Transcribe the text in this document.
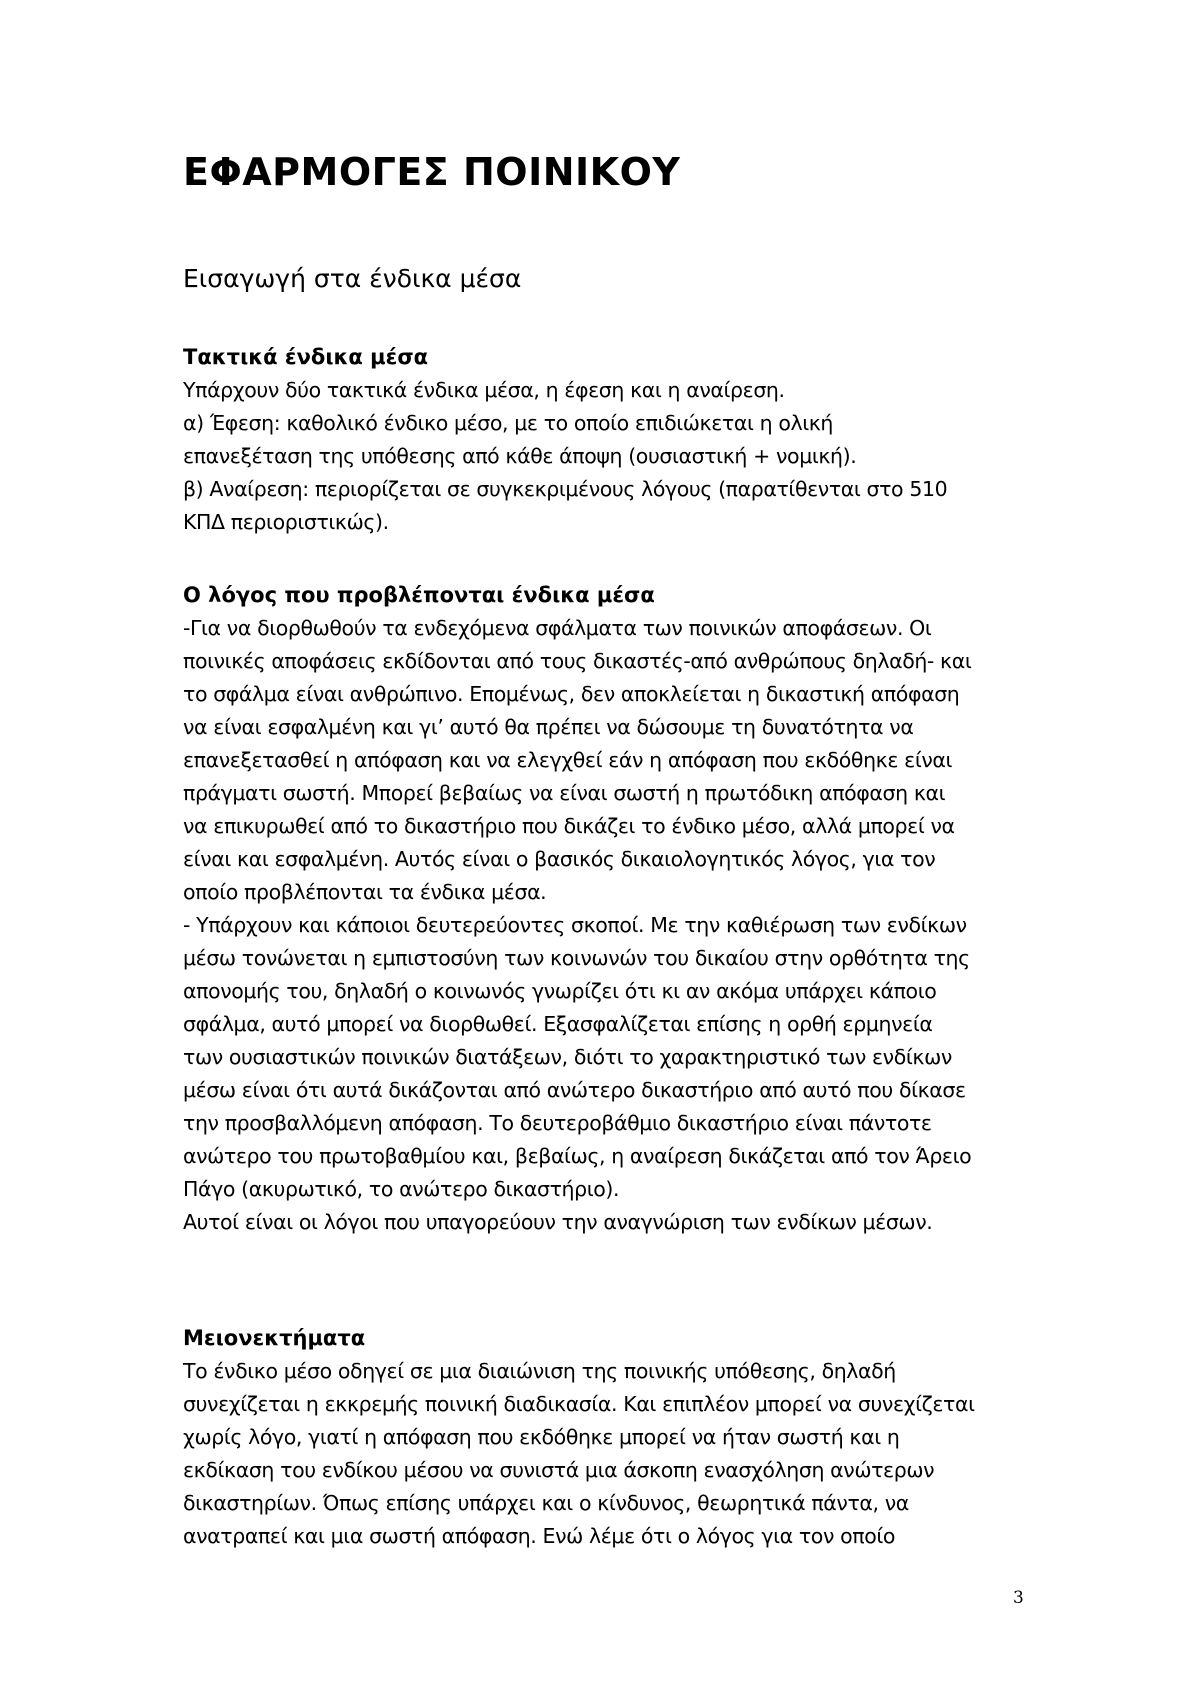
ΕΦΑΡΜΟΓΕΣ ΠΟΙΝΙΚΟΥ
Εισαγωγή στα ένδικα μέσα
Τακτικά ένδικα μέσα
Υπάρχουν δύο τακτικά ένδικα μέσα, η έφεση και η αναίρεση.
α) Έφεση: καθολικό ένδικο μέσο, με το οποίο επιδιώκεται η ολική
επανεξέταση της υπόθεσης από κάθε άποψη (ουσιαστική + νομική).
β) Αναίρεση: περιορίζεται σε συγκεκριμένους λόγους (παρατίθενται στο 510
ΚΠΔ περιοριστικώς).
Ο λόγος που προβλέπονται ένδικα μέσα
-Για να διορθωθούν τα ενδεχόμενα σφάλματα των ποινικών αποφάσεων. Οι
ποινικές αποφάσεις εκδίδονται από τους δικαστές-από ανθρώπους δηλαδή- και
το σφάλμα είναι ανθρώπινο. Επομένως, δεν αποκλείεται η δικαστική απόφαση
να είναι εσφαλμένη και γι’ αυτό θα πρέπει να δώσουμε τη δυνατότητα να
επανεξετασθεί η απόφαση και να ελεγχθεί εάν η απόφαση που εκδόθηκε είναι
πράγματι σωστή. Μπορεί βεβαίως να είναι σωστή η πρωτόδικη απόφαση και
να επικυρωθεί από το δικαστήριο που δικάζει το ένδικο μέσο, αλλά μπορεί να
είναι και εσφαλμένη. Αυτός είναι ο βασικός δικαιολογητικός λόγος, για τον
οποίο προβλέπονται τα ένδικα μέσα.
- Υπάρχουν και κάποιοι δευτερεύοντες σκοποί. Με την καθιέρωση των ενδίκων
μέσω τονώνεται η εμπιστοσύνη των κοινωνών του δικαίου στην ορθότητα της
απονομής του, δηλαδή ο κοινωνός γνωρίζει ότι κι αν ακόμα υπάρχει κάποιο
σφάλμα, αυτό μπορεί να διορθωθεί. Εξασφαλίζεται επίσης η ορθή ερμηνεία
των ουσιαστικών ποινικών διατάξεων, διότι το χαρακτηριστικό των ενδίκων
μέσω είναι ότι αυτά δικάζονται από ανώτερο δικαστήριο από αυτό που δίκασε
την προσβαλλόμενη απόφαση. Το δευτεροβάθμιο δικαστήριο είναι πάντοτε
ανώτερο του πρωτοβαθμίου και, βεβαίως, η αναίρεση δικάζεται από τον Άρειο
Πάγο (ακυρωτικό, το ανώτερο δικαστήριο).
Αυτοί είναι οι λόγοι που υπαγορεύουν την αναγνώριση των ενδίκων μέσων.
Μειονεκτήματα
Το ένδικο μέσο οδηγεί σε μια διαιώνιση της ποινικής υπόθεσης, δηλαδή
συνεχίζεται η εκκρεμής ποινική διαδικασία. Και επιπλέον μπορεί να συνεχίζεται
χωρίς λόγο, γιατί η απόφαση που εκδόθηκε μπορεί να ήταν σωστή και η
εκδίκαση του ενδίκου μέσου να συνιστά μια άσκοπη ενασχόληση ανώτερων
δικαστηρίων. Όπως επίσης υπάρχει και ο κίνδυνος, θεωρητικά πάντα, να
ανατραπεί και μια σωστή απόφαση. Ενώ λέμε ότι ο λόγος για τον οποίο
3
